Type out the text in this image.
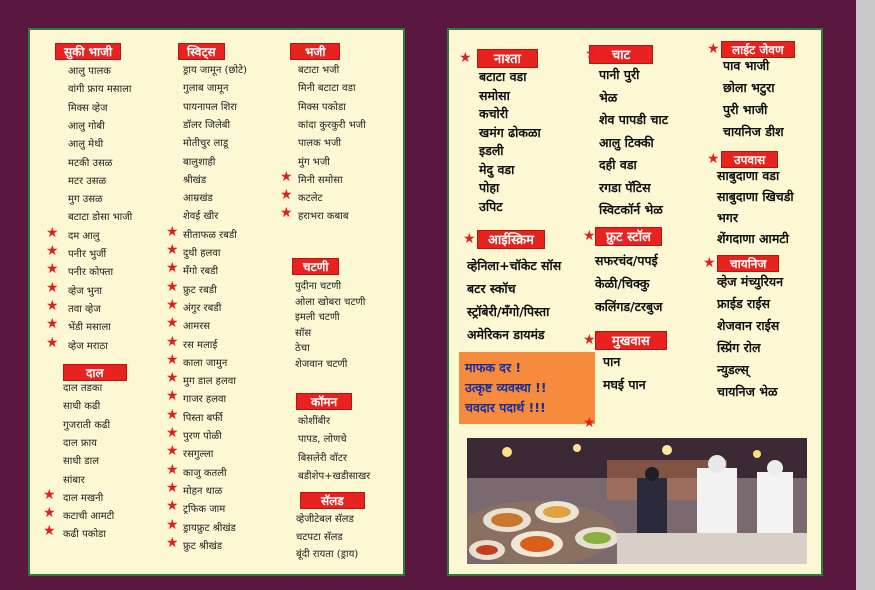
सुकी भाजी
आलु पालक
वांगी फ्राय मसाला
मिक्स व्हेज
आलु गोबी
आलु मेथी
मटकी उसळ
मटर उसळ
मुग उसळ
बटाटा डोसा भाजी
दम आलु
★
पनीर भुर्जी
★
पनीर कोफ्ता
★
व्हेज भुना
★
तवा व्हेज
★
भेंडी मसाला
★
व्हेज मराठा
★
दाल
दाल तडका
साधी कढी
गुजराती कढी
दाल फ्राय
साधी डाल
सांबार
दाल मखनी
★
कटाची आमटी
★
कढी पकोडा
★
स्विट्स
ड्राय जामून (छोटे)
गुलाब जामून
पायनापल शिरा
डॉलर जिलेबी
मोतीचुर लाडू
बालुशाही
श्रीखंड
आम्रखंड
शेवई खीर
सीताफळ रबडी
★
दुधी हलवा
★
मँगो रबडी
★
फ्रुट रबडी
★
अंगुर रबडी
★
आमरस
★
रस मलाई
★
काला जामुन
★
मुग डाल हलवा
★
गाजर हलवा
★
पिस्ता बर्फी
★
पुरण पोळी
★
रसगुल्ला
★
काजु कतली
★
मोहन थाळ
★
ट्रफिक जाम
★
ड्रायफ्रुट श्रीखंड
★
फ्रुट श्रीखंड
★
भजी
बटाटा भजी
मिनी बटाटा वडा
मिक्स पकोडा
कांदा कुरकुरी भजी
पालक भजी
मुंग भजी
मिनी समोसा
★
कटलेट
★
हराभरा कबाब
★
चटणी
पुदीना चटणी
ओला खोबरा चटणी
इमली चटणी
सॉस
ठेचा
शेजवान चटणी
कॉमन
कोशींबीर
पापड, लोणचे
बिसलेरी वॉटर
बडीशेप+खडीसाखर
सॅलड
व्हेजीटेबल सॅलड
चटपटा सॅलड
बूंदी रायता (ड्राय)
नाश्ता
बटाटा वडा
समोसा
कचोरी
खमंग ढोकळा
इडली
मेदु वडा
पोहा
उपिट
आईस्क्रिम
व्हेनिला+चॉकेट सॉस
बटर स्कॉच
स्ट्रॉबेरी/मँगो/पिस्ता
अमेरिकन डायमंड
चाट
पानी पुरी
भेळ
शेव पापडी चाट
आलु टिक्की
दही वडा
रगडा पॅटिस
स्विटकॉर्न भेळ
फ्रुट स्टॉल
सफरचंद/पपई
केळी/चिक्कु
कलिंगड/टरबुज
मुखवास
पान
मघई पान
लाईट जेवण
पाव भाजी
छोला भटुरा
पुरी भाजी
चायनिज डीश
उपवास
साबुदाणा वडा
साबुदाणा खिचडी
भगर
शेंगदाणा आमटी
चायनिज
व्हेज मंच्युरियन
फ्राईड राईस
शेजवान राईस
स्प्रिंग रोल
न्युडल्स्
चायनिज भेळ
माफक दर !
उत्कृष्ट व्यवस्था !!
चवदार पदार्थ !!!
★
★	★	★
★
★
★	★
★
